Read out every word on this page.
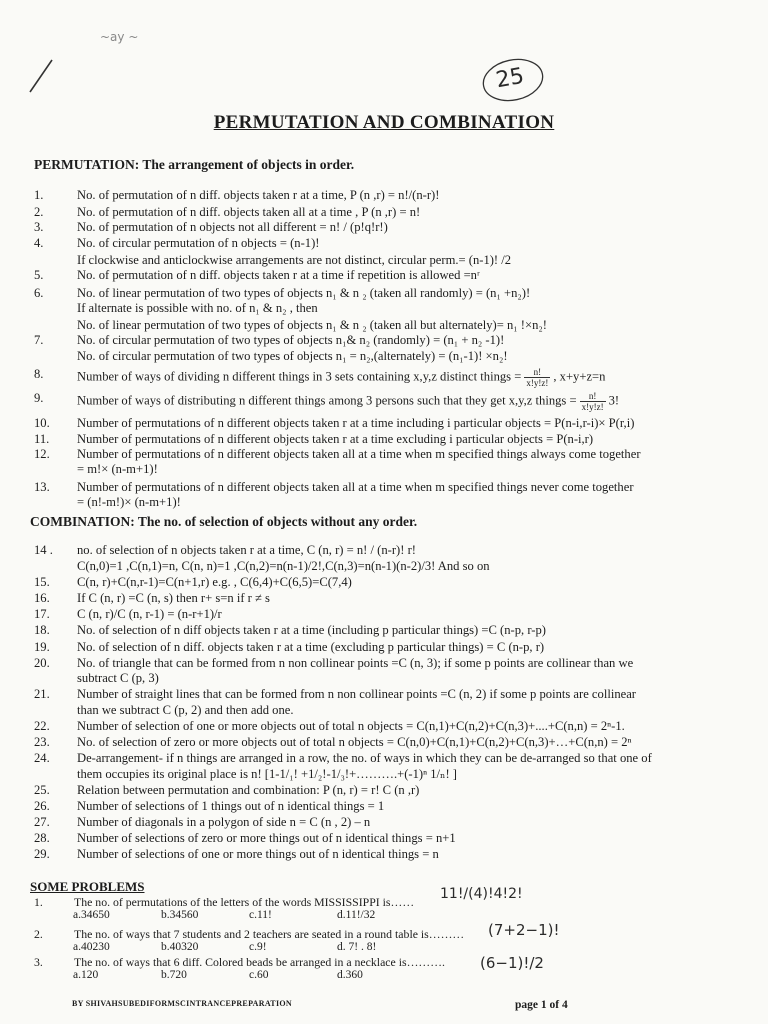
~ay ~
25
PERMUTATION AND COMBINATION
PERMUTATION: The arrangement of objects in order.
1.	No. of permutation of n diff. objects taken r at a time, P (n ,r) = n!/(n-r)!
2.	No. of permutation of n diff. objects taken all at a time , P (n ,r) = n!
3.	No. of permutation of n objects not all different = n! / (p!q!r!)
4.	No. of circular permutation of n objects = (n-1)!
If clockwise and anticlockwise arrangements are not distinct, circular perm.= (n-1)! /2
5.	No. of permutation of n diff. objects taken r at a time if repetition is allowed =nʳ
6.	No. of linear permutation of two types of objects n₁ & n ₂ (taken all randomly) = (n₁ +n₂)!
If alternate is possible with no. of n₁ & n₂ , then
No. of linear permutation of two types of objects n₁ & n ₂ (taken all but alternately)= n₁ !×n₂!
7.	No. of circular permutation of two types of objects n₁& n₂ (randomly) = (n₁ + n₂ -1)!
No. of circular permutation of two types of objects n₁ = n₂,(alternately) = (n₁-1)! ×n₂!
8.	Number of ways of dividing n different things in 3 sets containing x,y,z distinct things = $\frac{n!}{x!y!z!}$ , x+y+z=n
9.	Number of ways of distributing n different things among 3 persons such that they get x,y,z things = $\frac{n!}{x!y!z!} 3$!
10.	Number of permutations of n different objects taken r at a time including i particular objects = P(n-i,r-i)× P(r,i)
11.	Number of permutations of n different objects taken r at a time excluding i particular objects = P(n-i,r)
12.	Number of permutations of n different objects taken all at a time when m specified things always come together
= m!× (n-m+1)!
13.	Number of permutations of n different objects taken all at a time when m specified things never come together
= (n!-m!)× (n-m+1)!
COMBINATION: The no. of selection of objects without any order.
14 .	no. of selection of n objects taken r at a time, C (n, r) = n! / (n-r)! r!
C(n,0)=1 ,C(n,1)=n, C(n, n)=1 ,C(n,2)=n(n-1)/2!,C(n,3)=n(n-1)(n-2)/3! And so on
15.	C(n, r)+C(n,r-1)=C(n+1,r) e.g. , C(6,4)+C(6,5)=C(7,4)
16.	If C (n, r) =C (n, s) then r+ s=n if r ≠ s
17.	C (n, r)/C (n, r-1) = (n-r+1)/r
18.	No. of selection of n diff objects taken r at a time (including p particular things) =C (n-p, r-p)
19.	No. of selection of n diff. objects taken r at a time (excluding p particular things) = C (n-p, r)
20.	No. of triangle that can be formed from n non collinear points =C (n, 3); if some p points are collinear than we
subtract C (p, 3)
21.	Number of straight lines that can be formed from n non collinear points =C (n, 2) if some p points are collinear
than we subtract C (p, 2) and then add one.
22.	Number of selection of one or more objects out of total n objects = C(n,1)+C(n,2)+C(n,3)+....+C(n,n) = 2ⁿ-1.
23.	No. of selection of zero or more objects out of total n objects = C(n,0)+C(n,1)+C(n,2)+C(n,3)+…+C(n,n) = 2ⁿ
24.	De-arrangement- if n things are arranged in a row, the no. of ways in which they can be de-arranged so that one of
them occupies its original place is n! [1-1/₁! +1/₂!-1/₃!+……….+(-1)ⁿ 1/ₙ! ]
25.	Relation between permutation and combination: P (n, r) = r! C (n ,r)
26.	Number of selections of 1 things out of n identical things = 1
27.	Number of diagonals in a polygon of side n = C (n , 2) – n
28.	Number of selections of zero or more things out of n identical things = n+1
29.	Number of selections of one or more things out of n identical things = n
SOME PROBLEMS
1.	The no. of permutations of the letters of the words MISSISSIPPI is……
a.34650	b.34560	c.11!	d.11!/32
2.	The no. of ways that 7 students and 2 teachers are seated in a round table is………
a.40230	b.40320	c.9!	d. 7! . 8!
3.	The no. of ways that 6 diff. Colored beads be arranged in a necklace is……….
a.120	b.720	c.60	d.360
11!/(4)!4!2!
(7+2−1)!
(6−1)!/2
BY SHIVAHSUBEDIFORMSCINTRANCEPREPARATION	page 1 of 4
